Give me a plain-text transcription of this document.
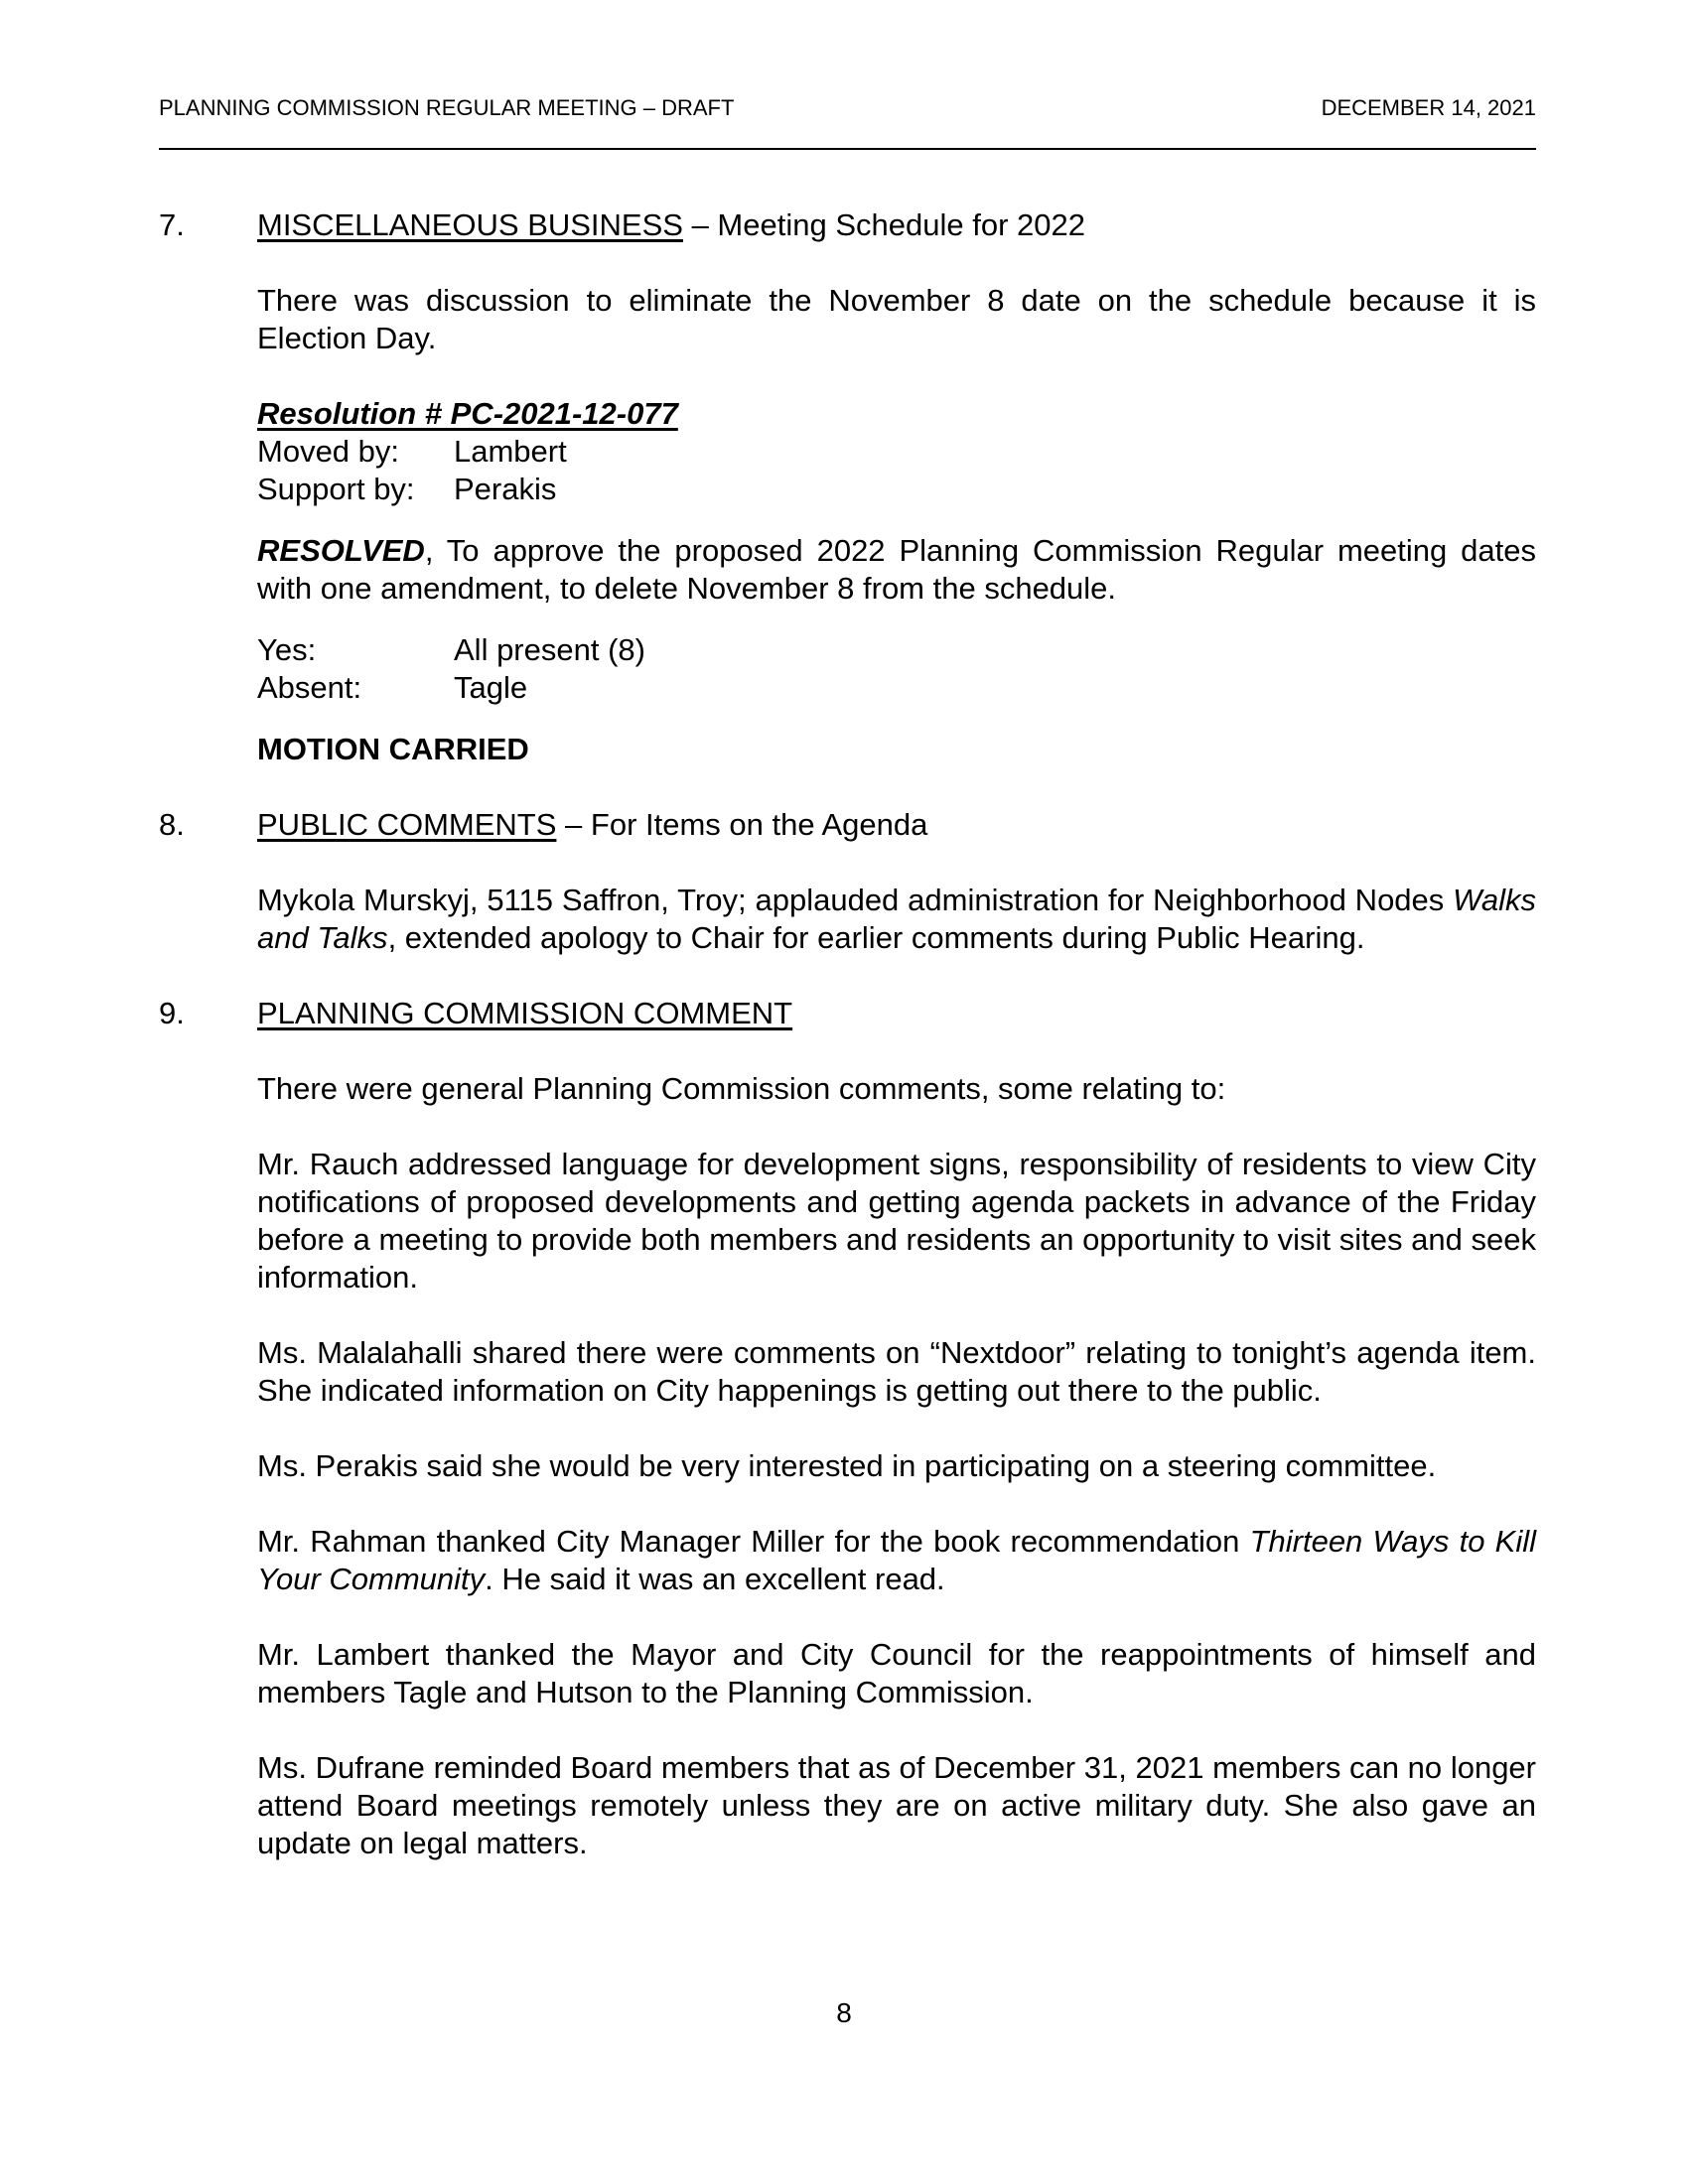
PLANNING COMMISSION REGULAR MEETING – DRAFT	DECEMBER 14, 2021
7. MISCELLANEOUS BUSINESS – Meeting Schedule for 2022

There was discussion to eliminate the November 8 date on the schedule because it is Election Day.

Resolution # PC-2021-12-077

Moved by:	Lambert
Support by:	Perakis

RESOLVED, To approve the proposed 2022 Planning Commission Regular meeting dates with one amendment, to delete November 8 from the schedule.

Yes:	All present (8)
Absent:	Tagle

MOTION CARRIED

8. PUBLIC COMMENTS – For Items on the Agenda

Mykola Murskyj, 5115 Saffron, Troy; applauded administration for Neighborhood Nodes Walks and Talks, extended apology to Chair for earlier comments during Public Hearing.

9. PLANNING COMMISSION COMMENT

There were general Planning Commission comments, some relating to:

Mr. Rauch addressed language for development signs, responsibility of residents to view City notifications of proposed developments and getting agenda packets in advance of the Friday before a meeting to provide both members and residents an opportunity to visit sites and seek information.

Ms. Malalahalli shared there were comments on “Nextdoor” relating to tonight’s agenda item. She indicated information on City happenings is getting out there to the public.

Ms. Perakis said she would be very interested in participating on a steering committee.

Mr. Rahman thanked City Manager Miller for the book recommendation Thirteen Ways to Kill Your Community. He said it was an excellent read.

Mr. Lambert thanked the Mayor and City Council for the reappointments of himself and members Tagle and Hutson to the Planning Commission.

Ms. Dufrane reminded Board members that as of December 31, 2021 members can no longer attend Board meetings remotely unless they are on active military duty. She also gave an update on legal matters.

8
